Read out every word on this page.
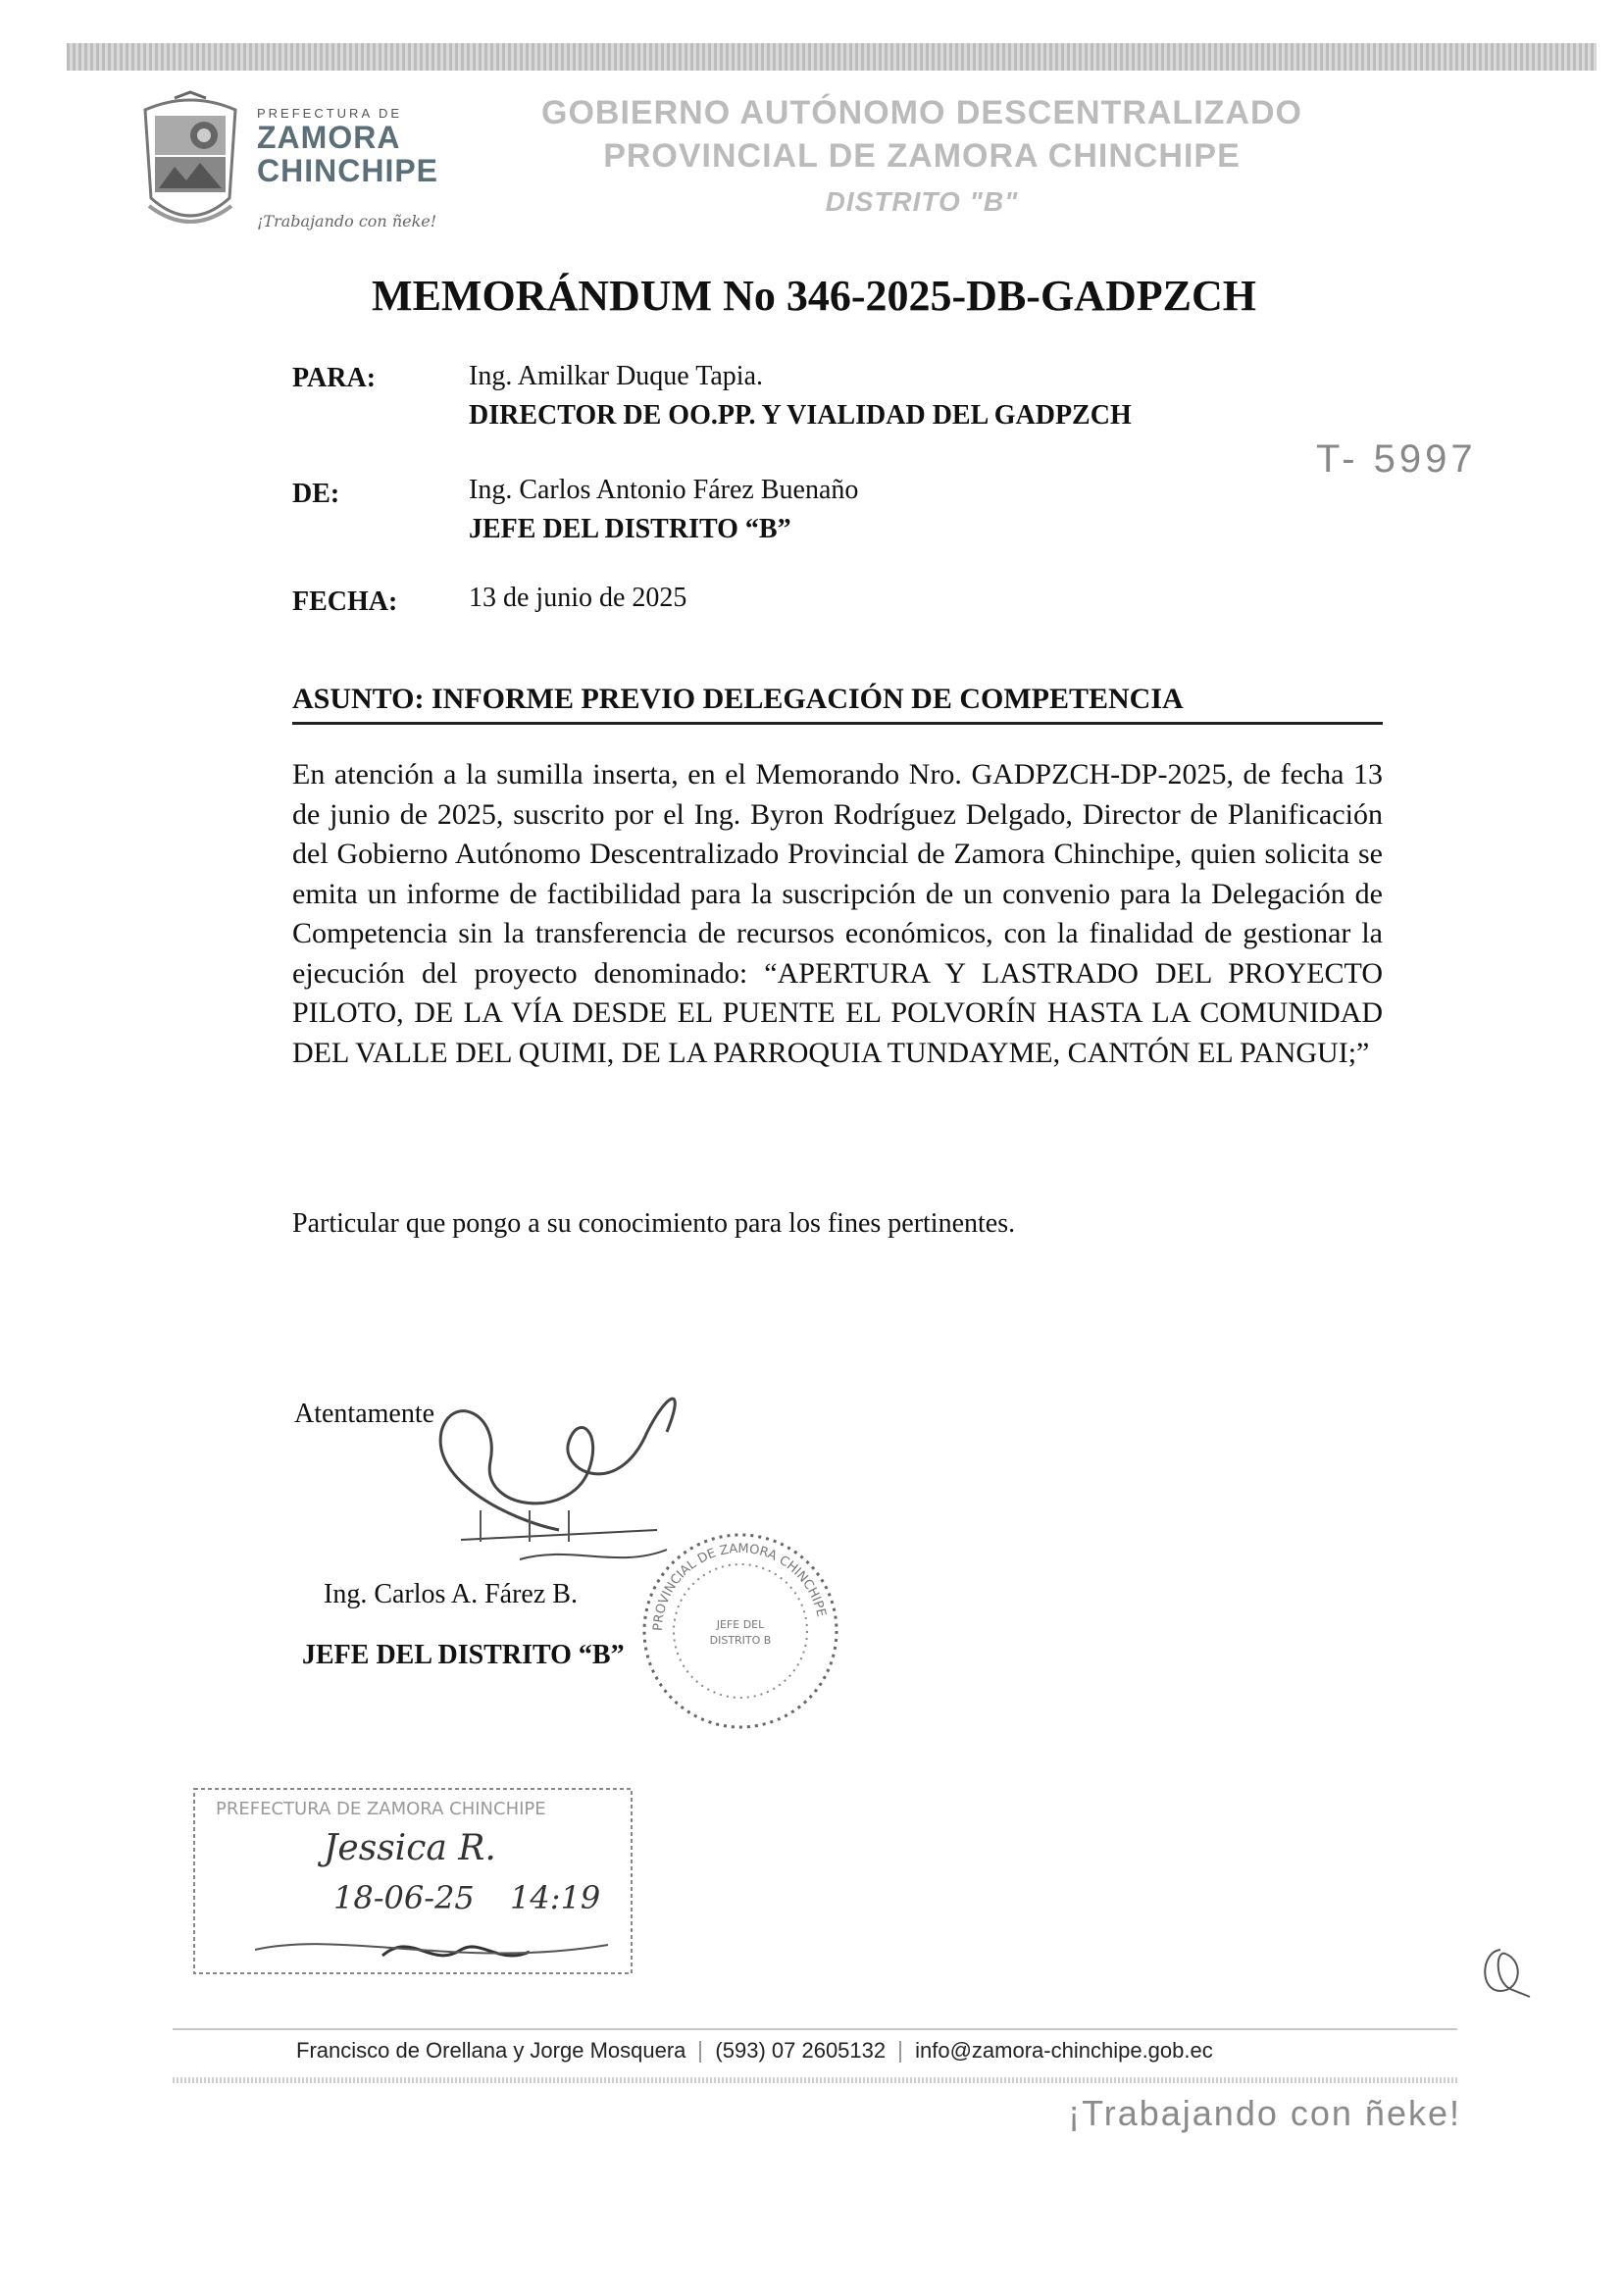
PREFECTURA DE
ZAMORA
CHINCHIPE
¡Trabajando con ñeke!
GOBIERNO AUTÓNOMO DESCENTRALIZADO
PROVINCIAL DE ZAMORA CHINCHIPE
DISTRITO "B"
MEMORÁNDUM No 346-2025-DB-GADPZCH
PARA:	Ing. Amilkar Duque Tapia.
DIRECTOR DE OO.PP. Y VIALIDAD DEL GADPZCH
T- 5997
DE:	Ing. Carlos Antonio Fárez Buenaño
JEFE DEL DISTRITO “B”
FECHA:	13 de junio de 2025
ASUNTO: INFORME PREVIO DELEGACIÓN DE COMPETENCIA
En atención a la sumilla inserta, en el Memorando Nro. GADPZCH-DP-2025, de fecha 13 de junio de 2025, suscrito por el Ing. Byron Rodríguez Delgado, Director de Planificación del Gobierno Autónomo Descentralizado Provincial de Zamora Chinchipe, quien solicita se emita un informe de factibilidad para la suscripción de un convenio para la Delegación de Competencia sin la transferencia de recursos económicos, con la finalidad de gestionar la ejecución del proyecto denominado: “APERTURA Y LASTRADO DEL PROYECTO PILOTO, DE LA VÍA DESDE EL PUENTE EL POLVORÍN HASTA LA COMUNIDAD DEL VALLE DEL QUIMI, DE LA PARROQUIA TUNDAYME, CANTÓN EL PANGUI;”
Particular que pongo a su conocimiento para los fines pertinentes.
Atentamente
Ing. Carlos A. Fárez B.
JEFE DEL DISTRITO “B”
PROVINCIAL DE ZAMORA CHINCHIPE
JEFE DEL
DISTRITO B
PREFECTURA DE ZAMORA CHINCHIPE
Jessica R.
18-06-25 14:19
Francisco de Orellana y Jorge Mosquera (593) 07 2605132 info@zamora-chinchipe.gob.ec
¡Trabajando con ñeke!
